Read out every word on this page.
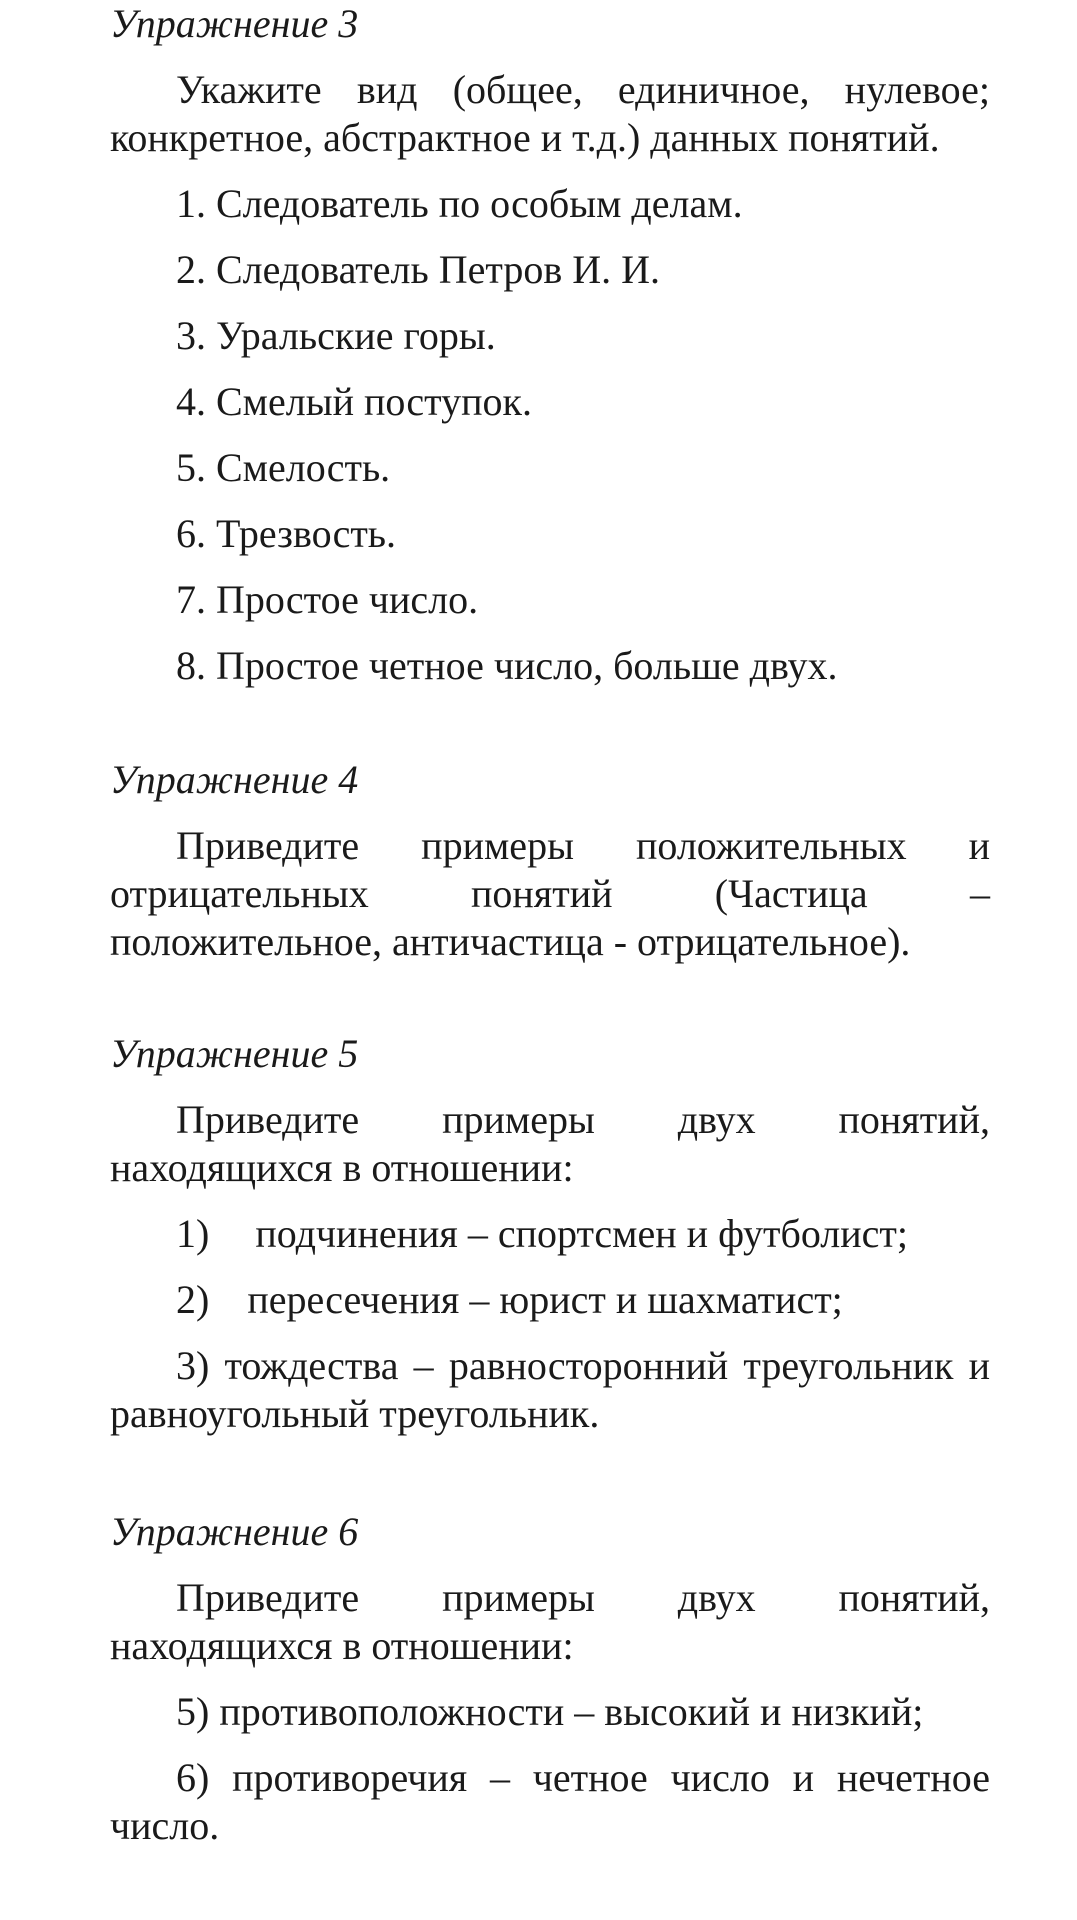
Упражнение 3
Укажите вид (общее, единичное, нулевое; конкретное, абстрактное и т.д.) данных понятий.
1. Следователь по особым делам.
2. Следователь Петров И. И.
3. Уральские горы.
4. Смелый поступок.
5. Смелость.
6. Трезвость.
7. Простое число.
8. Простое четное число, больше двух.
Упражнение 4
Приведите примеры положительных и отрицательных понятий (Частица – положительное, античастица - отрицательное).
Упражнение 5
Приведите примеры двух понятий, находящихся в отношении:
1) подчинения – спортсмен и футболист;
2) пересечения – юрист и шахматист;
3) тождества – равносторонний треугольник и равноугольный треугольник.
Упражнение 6
Приведите примеры двух понятий, находящихся в отношении:
5) противоположности – высокий и низкий;
6) противоречия – четное число и нечетное число.
